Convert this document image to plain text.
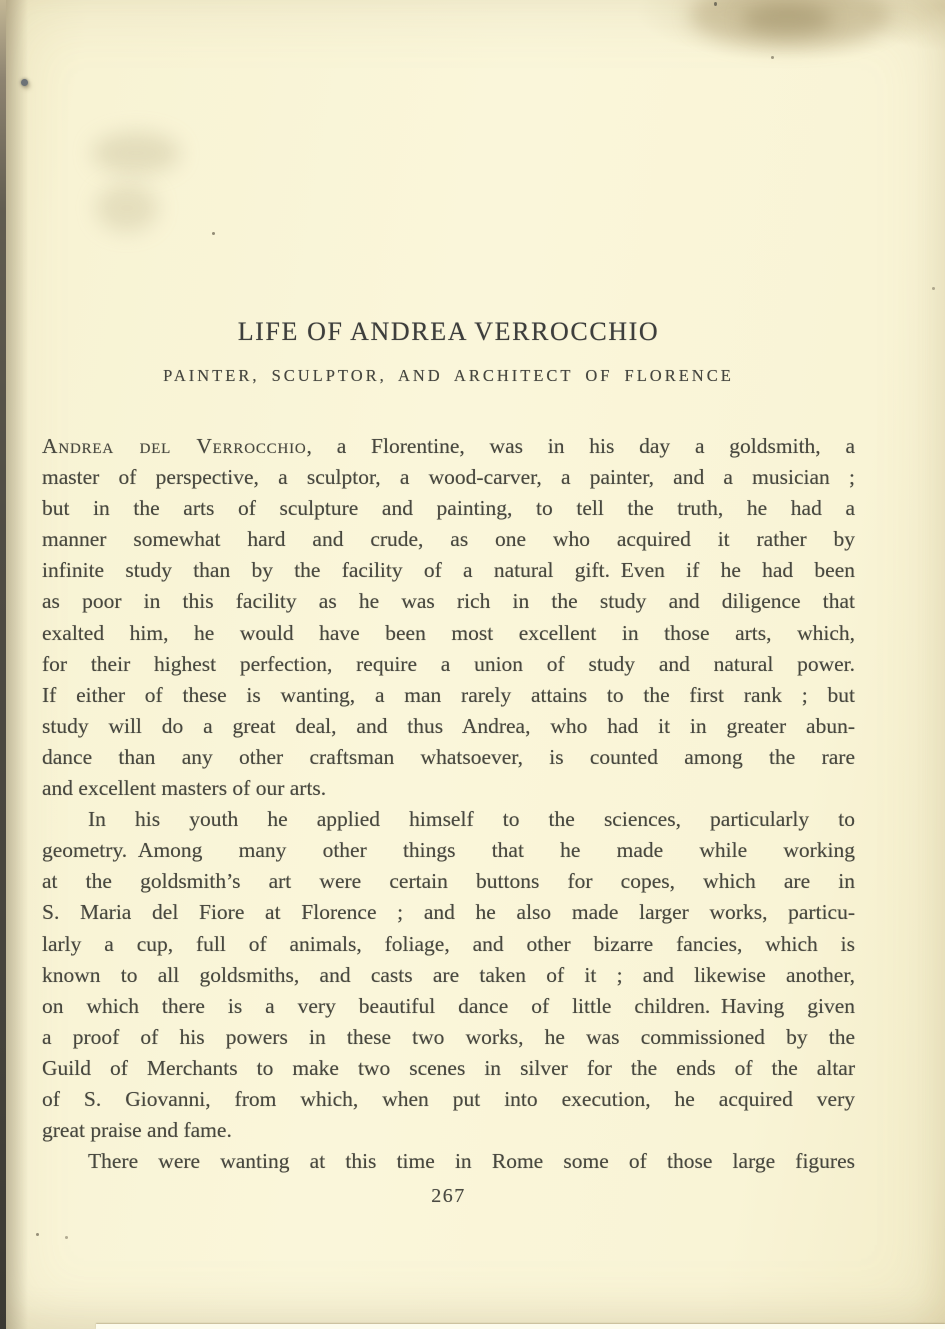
LIFE OF ANDREA VERROCCHIO
PAINTER, SCULPTOR, AND ARCHITECT OF FLORENCE
Andrea del Verrocchio, a Florentine, was in his day a goldsmith, a
master of perspective, a sculptor, a wood-carver, a painter, and a musician ;
but in the arts of sculpture and painting, to tell the truth, he had a
manner somewhat hard and crude, as one who acquired it rather by
infinite study than by the facility of a natural gift. Even if he had been
as poor in this facility as he was rich in the study and diligence that
exalted him, he would have been most excellent in those arts, which,
for their highest perfection, require a union of study and natural power.
If either of these is wanting, a man rarely attains to the first rank ; but
study will do a great deal, and thus Andrea, who had it in greater abun-
dance than any other craftsman whatsoever, is counted among the rare
and excellent masters of our arts.
In his youth he applied himself to the sciences, particularly to
geometry. Among many other things that he made while working
at the goldsmith’s art were certain buttons for copes, which are in
S. Maria del Fiore at Florence ; and he also made larger works, particu-
larly a cup, full of animals, foliage, and other bizarre fancies, which is
known to all goldsmiths, and casts are taken of it ; and likewise another,
on which there is a very beautiful dance of little children. Having given
a proof of his powers in these two works, he was commissioned by the
Guild of Merchants to make two scenes in silver for the ends of the altar
of S. Giovanni, from which, when put into execution, he acquired very
great praise and fame.
There were wanting at this time in Rome some of those large figures
267
